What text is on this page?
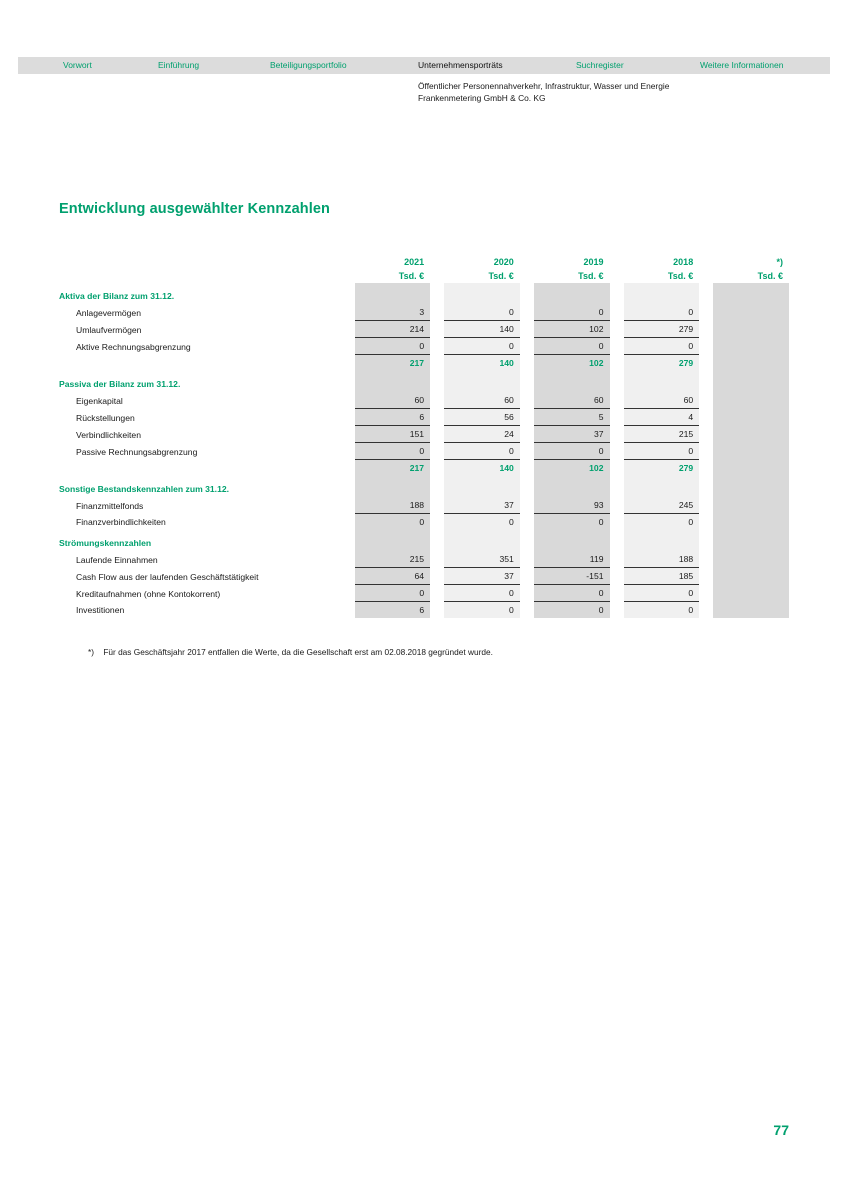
Vorwort	Einführung	Beteiligungsportfolio	Unternehmensporträts	Suchregister	Weitere Informationen
Öffentlicher Personennahverkehr, Infrastruktur, Wasser und Energie
Frankenmetering GmbH & Co. KG
Entwicklung ausgewählter Kennzahlen
	2021		2020		2019		2018		*)
	Tsd. €		Tsd. €		Tsd. €		Tsd. €		Tsd. €
Aktiva der Bilanz zum 31.12.									
Anlagevermögen	3		0		0		0		
Umlaufvermögen	214		140		102		279		
Aktive Rechnungsabgrenzung	0		0		0		0		
	217		140		102		279		
Passiva der Bilanz zum 31.12.									
Eigenkapital	60		60		60		60		
Rückstellungen	6		56		5		4		
Verbindlichkeiten	151		24		37		215		
Passive Rechnungsabgrenzung	0		0		0		0		
	217		140		102		279		
Sonstige Bestandskennzahlen zum 31.12.									
Finanzmittelfonds	188		37		93		245		
Finanzverbindlichkeiten	0		0		0		0		
Strömungskennzahlen									
Laufende Einnahmen	215		351		119		188		
Cash Flow aus der laufenden Geschäftstätigkeit	64		37		-151		185		
Kreditaufnahmen (ohne Kontokorrent)	0		0		0		0		
Investitionen	6		0		0		0		
*) Für das Geschäftsjahr 2017 entfallen die Werte, da die Gesellschaft erst am 02.08.2018 gegründet wurde.
77
